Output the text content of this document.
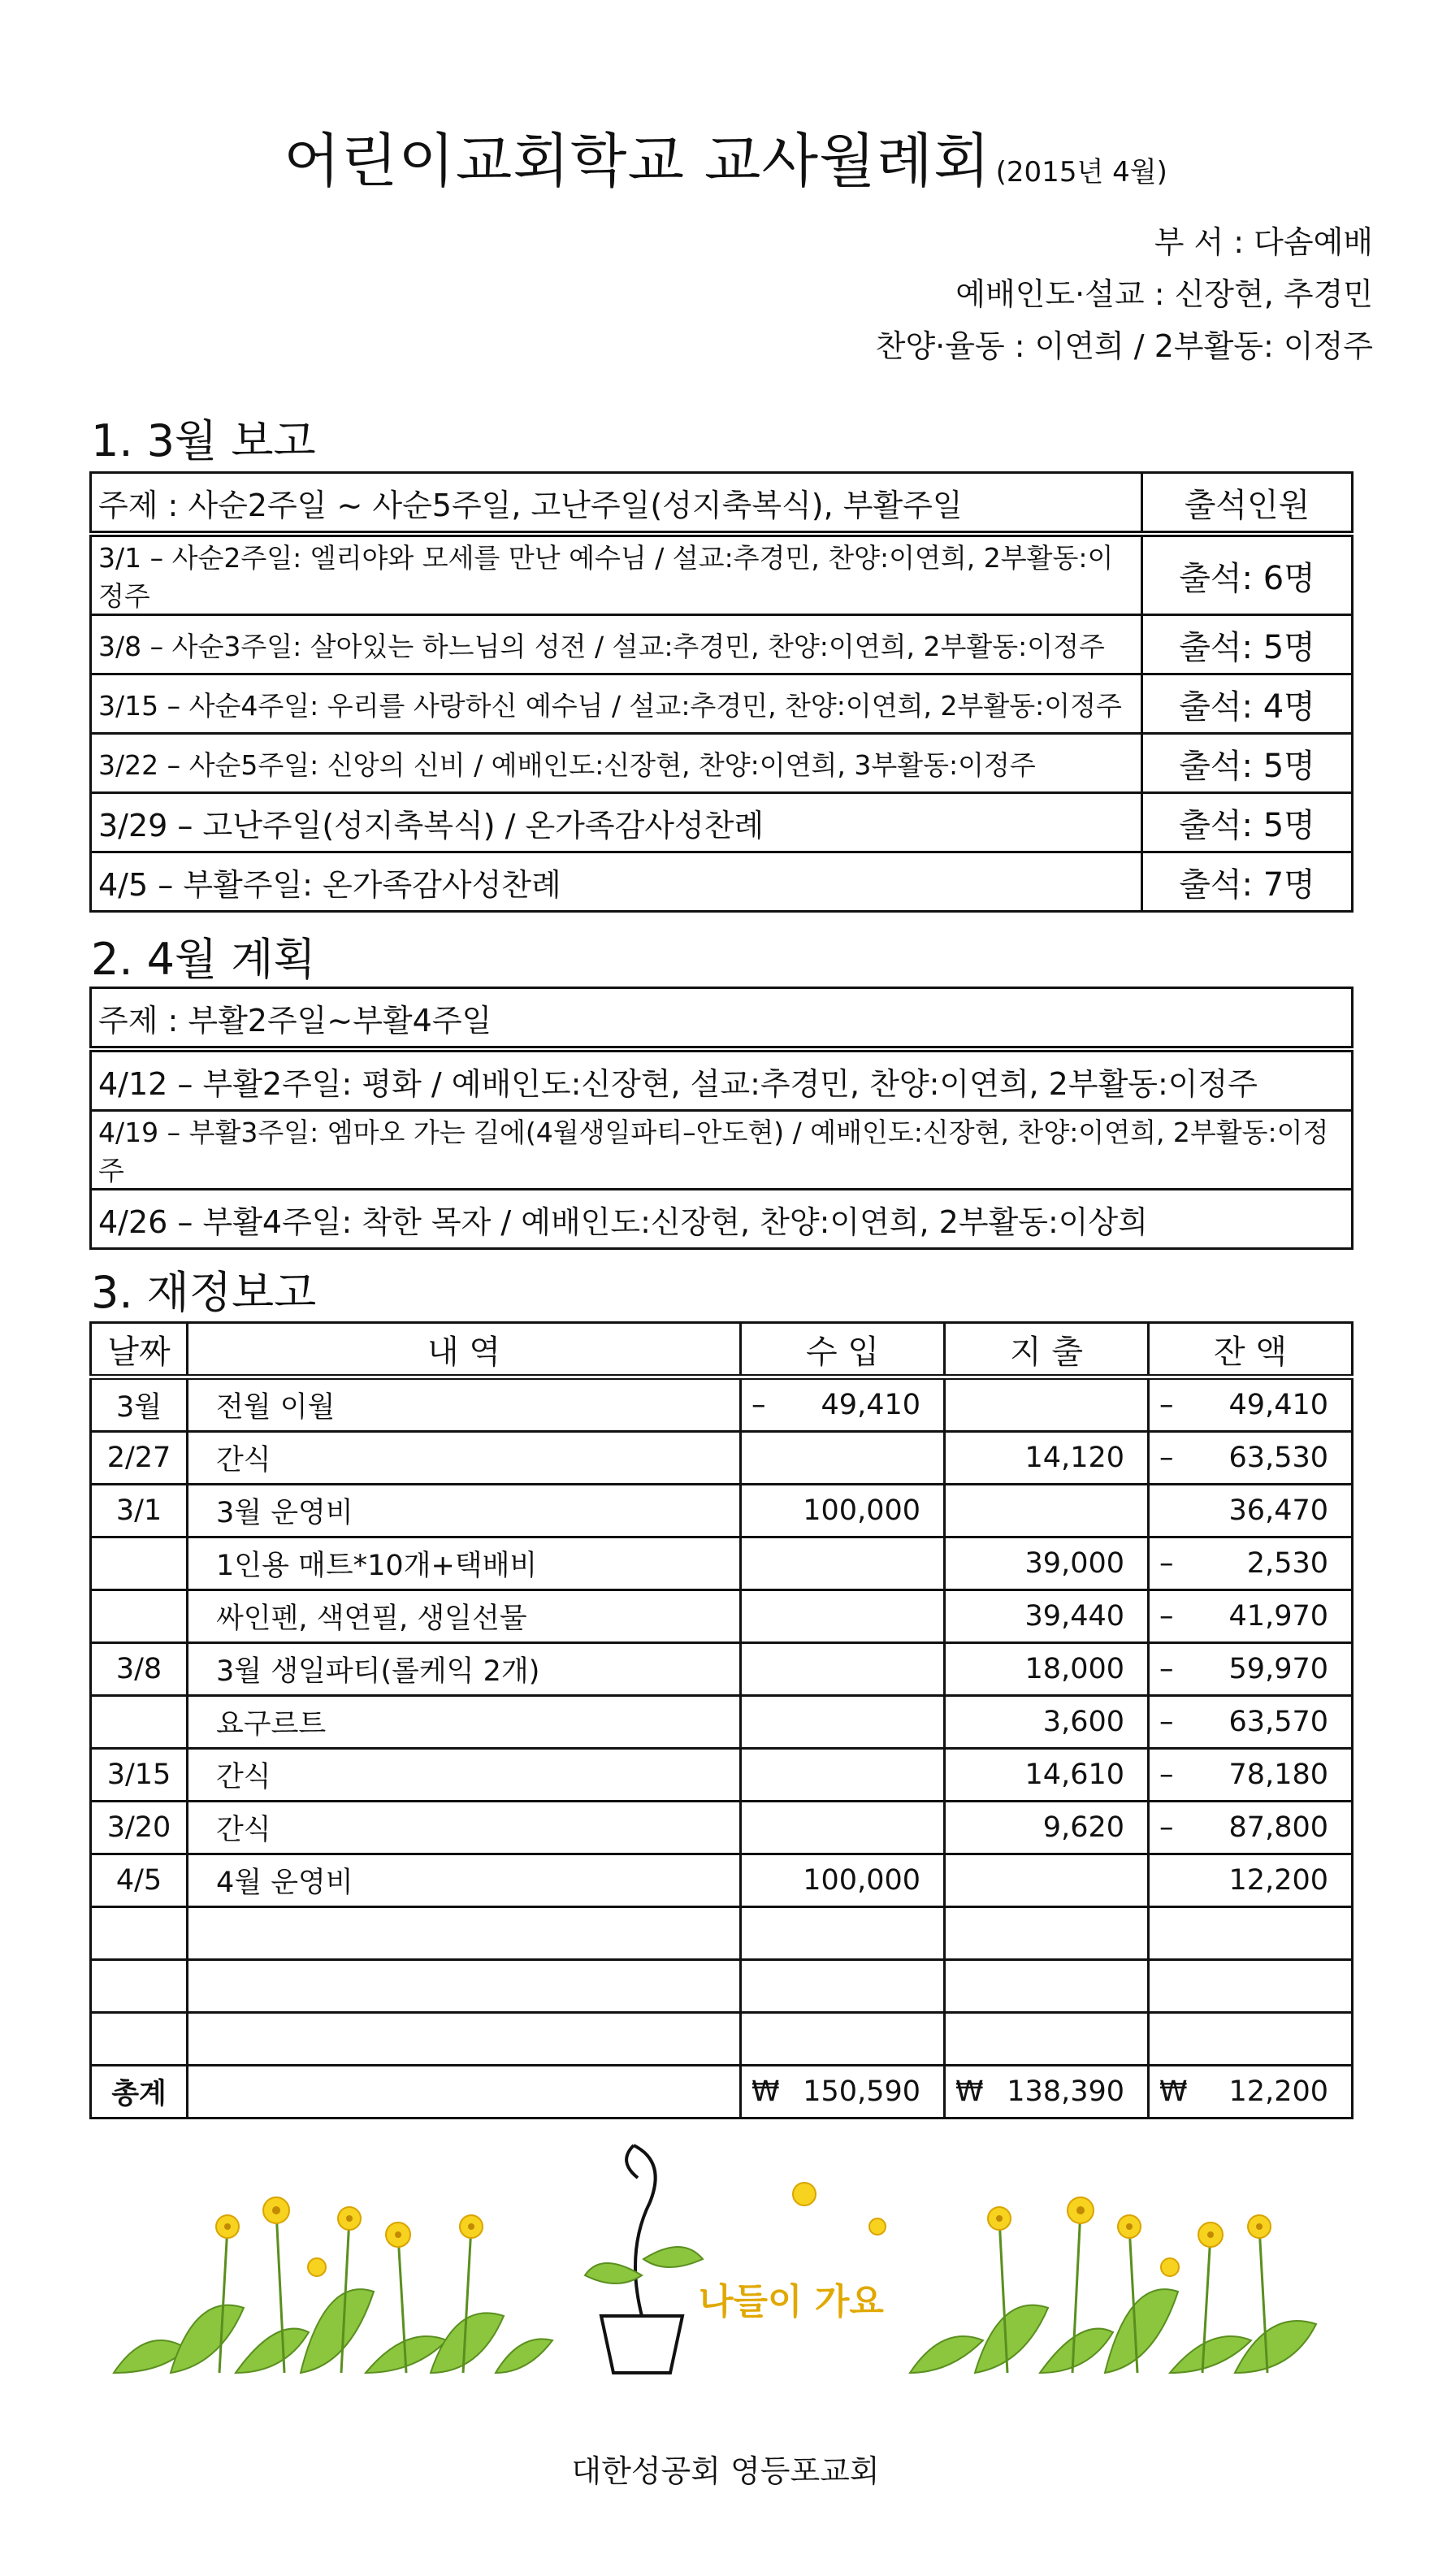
어린이교회학교 교사월례회 (2015년 4월)
부 서 : 다솜예배
예배인도·설교 : 신장현, 추경민
찬양·율동 : 이연희 / 2부활동: 이정주
1. 3월 보고
주제 : 사순2주일 ~ 사순5주일, 고난주일(성지축복식), 부활주일	출석인원
3/1 – 사순2주일: 엘리야와 모세를 만난 예수님 / 설교:추경민, 찬양:이연희, 2부활동:이정주	출석: 6명
3/8 – 사순3주일: 살아있는 하느님의 성전 / 설교:추경민, 찬양:이연희, 2부활동:이정주	출석: 5명
3/15 – 사순4주일: 우리를 사랑하신 예수님 / 설교:추경민, 찬양:이연희, 2부활동:이정주	출석: 4명
3/22 – 사순5주일: 신앙의 신비 / 예배인도:신장현, 찬양:이연희, 3부활동:이정주	출석: 5명
3/29 – 고난주일(성지축복식) / 온가족감사성찬례	출석: 5명
4/5 – 부활주일: 온가족감사성찬례	출석: 7명
2. 4월 계획
주제 : 부활2주일~부활4주일
4/12 – 부활2주일: 평화 / 예배인도:신장현, 설교:추경민, 찬양:이연희, 2부활동:이정주
4/19 – 부활3주일: 엠마오 가는 길에(4월생일파티–안도현) / 예배인도:신장현, 찬양:이연희, 2부활동:이정주
4/26 – 부활4주일: 착한 목자 / 예배인도:신장현, 찬양:이연희, 2부활동:이상희
3. 재정보고
날짜	내 역	수 입	지 출	잔 액
3월	전월 이월	– 49,410		– 49,410
2/27	간식		14,120	– 63,530
3/1	3월 운영비	100,000		36,470
	1인용 매트*10개+택배비		39,000	– 2,530
	싸인펜, 색연필, 생일선물		39,440	– 41,970
3/8	3월 생일파티(롤케익 2개)		18,000	– 59,970
	요구르트		3,600	– 63,570
3/15	간식		14,610	– 78,180
3/20	간식		9,620	– 87,800
4/5	4월 운영비	100,000		12,200

총계		₩ 150,590	₩ 138,390	₩ 12,200
나들이 가요
대한성공회 영등포교회
